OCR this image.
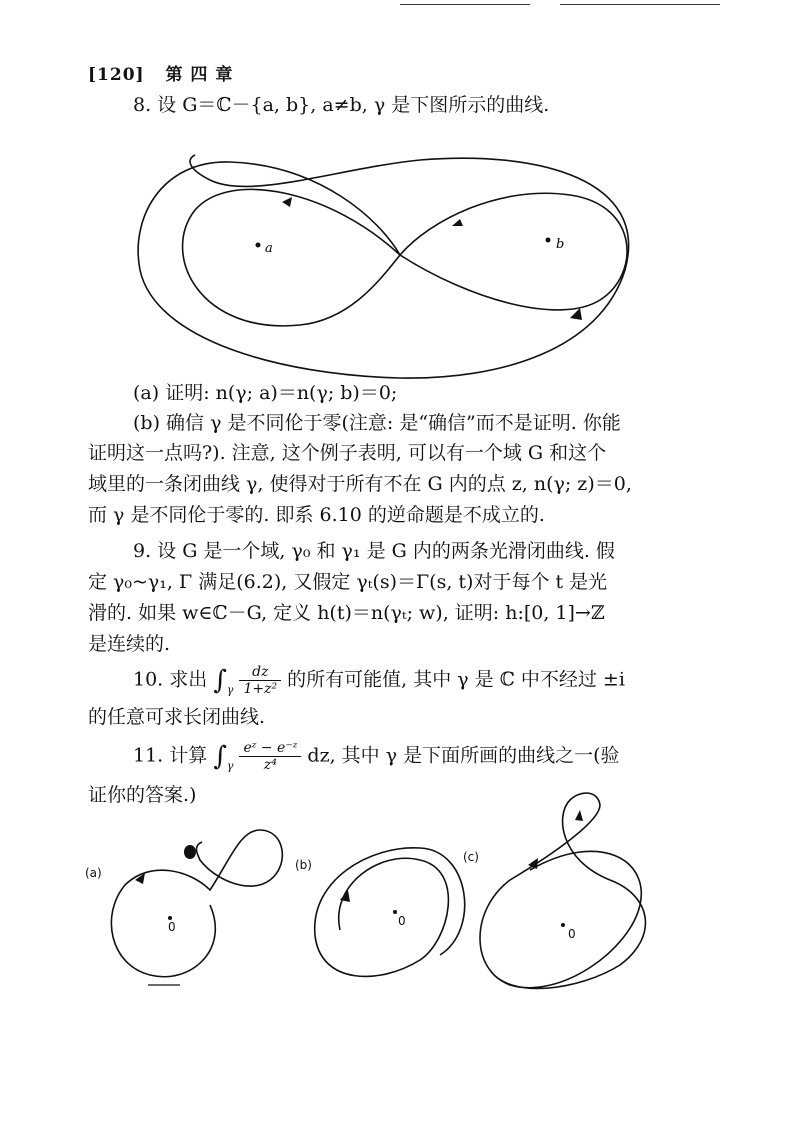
[120] 第 四 章
8. 设 G＝ℂ－{a, b}, a≠b, γ 是下图所示的曲线.
a	b
(a) 证明: n(γ; a)＝n(γ; b)＝0;
(b) 确信 γ 是不同伦于零(注意: 是“确信”而不是证明. 你能
证明这一点吗?). 注意, 这个例子表明, 可以有一个域 G 和这个
域里的一条闭曲线 γ, 使得对于所有不在 G 内的点 z, n(γ; z)＝0,
而 γ 是不同伦于零的. 即系 6.10 的逆命题是不成立的.
9. 设 G 是一个域, γ₀ 和 γ₁ 是 G 内的两条光滑闭曲线. 假
定 γ₀~γ₁, Γ 满足(6.2), 又假定 γₜ(s)＝Γ(s, t)对于每个 t 是光
滑的. 如果 w∈ℂ－G, 定义 h(t)＝n(γₜ; w), 证明: h:[0, 1]→ℤ
是连续的.
10. 求出 $\int_\gamma \frac{dz}{\text{1+z²}}$ 的所有可能值, 其中 γ 是 ℂ 中不经过 ±i
的任意可求长闭曲线.
11. 计算 $\int_\gamma \frac{\text{eᶻ − e⁻ᶻ}}{\text{z⁴}}$ dz, 其中 γ 是下面所画的曲线之一(验
证你的答案.)
(a)
(b)
(c)
0	0
0
